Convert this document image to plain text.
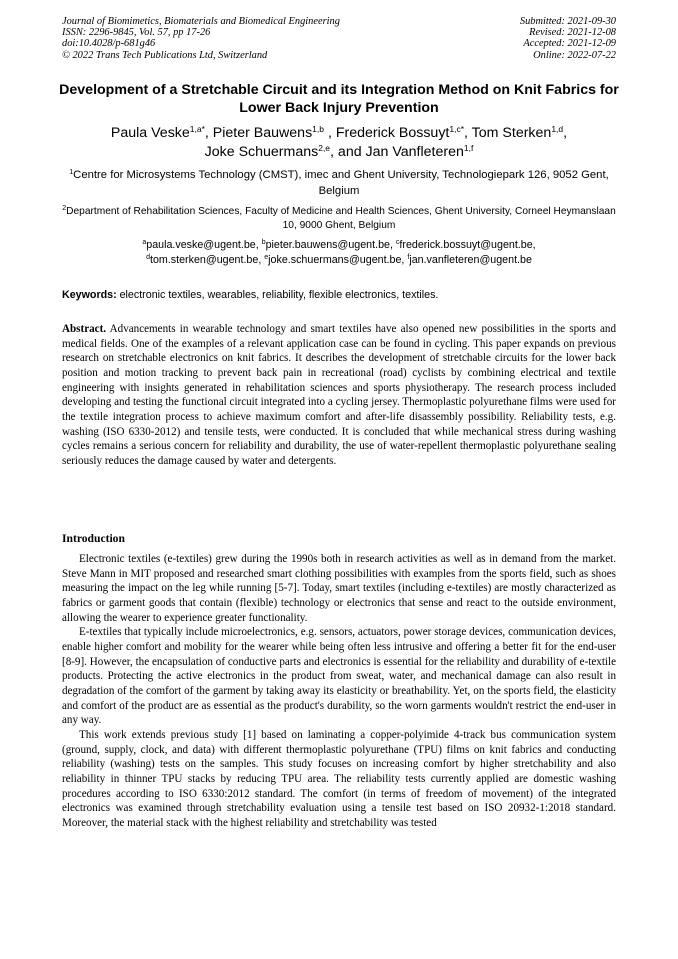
Journal of Biomimetics, Biomaterials and Biomedical Engineering
ISSN: 2296-9845, Vol. 57, pp 17-26
doi:10.4028/p-681g46
© 2022 Trans Tech Publications Ltd, Switzerland
Submitted: 2021-09-30
Revised: 2021-12-08
Accepted: 2021-12-09
Online: 2022-07-22
Development of a Stretchable Circuit and its Integration Method on Knit Fabrics for Lower Back Injury Prevention
Paula Veske$^{1,a*}$, Pieter Bauwens$^{1,b}$ , Frederick Bossuyt$^{1,c*}$, Tom Sterken$^{1,d}$,
Joke Schuermans$^{2,e}$, and Jan Vanfleteren$^{1,f}$
$^1$Centre for Microsystems Technology (CMST), imec and Ghent University, Technologiepark 126, 9052 Gent, Belgium
$^2$Department of Rehabilitation Sciences, Faculty of Medicine and Health Sciences, Ghent University, Corneel Heymanslaan 10, 9000 Ghent, Belgium
$^a$paula.veske@ugent.be, $^b$pieter.bauwens@ugent.be, $^c$frederick.bossuyt@ugent.be,
$^d$tom.sterken@ugent.be, $^e$joke.schuermans@ugent.be, $^f$jan.vanfleteren@ugent.be
Keywords: electronic textiles, wearables, reliability, flexible electronics, textiles.
Abstract. Advancements in wearable technology and smart textiles have also opened new possibilities in the sports and medical fields. One of the examples of a relevant application case can be found in cycling. This paper expands on previous research on stretchable electronics on knit fabrics. It describes the development of stretchable circuits for the lower back position and motion tracking to prevent back pain in recreational (road) cyclists by combining electrical and textile engineering with insights generated in rehabilitation sciences and sports physiotherapy. The research process included developing and testing the functional circuit integrated into a cycling jersey. Thermoplastic polyurethane films were used for the textile integration process to achieve maximum comfort and after-life disassembly possibility. Reliability tests, e.g. washing (ISO 6330-2012) and tensile tests, were conducted. It is concluded that while mechanical stress during washing cycles remains a serious concern for reliability and durability, the use of water-repellent thermoplastic polyurethane sealing seriously reduces the damage caused by water and detergents.
Introduction

Electronic textiles (e-textiles) grew during the 1990s both in research activities as well as in demand from the market. Steve Mann in MIT proposed and researched smart clothing possibilities with examples from the sports field, such as shoes measuring the impact on the leg while running [5-7]. Today, smart textiles (including e-textiles) are mostly characterized as fabrics or garment goods that contain (flexible) technology or electronics that sense and react to the outside environment, allowing the wearer to experience greater functionality.

E-textiles that typically include microelectronics, e.g. sensors, actuators, power storage devices, communication devices, enable higher comfort and mobility for the wearer while being often less intrusive and offering a better fit for the end-user [8-9]. However, the encapsulation of conductive parts and electronics is essential for the reliability and durability of e-textile products. Protecting the active electronics in the product from sweat, water, and mechanical damage can also result in degradation of the comfort of the garment by taking away its elasticity or breathability. Yet, on the sports field, the elasticity and comfort of the product are as essential as the product's durability, so the worn garments wouldn't restrict the end-user in any way.

This work extends previous study [1] based on laminating a copper-polyimide 4-track bus communication system (ground, supply, clock, and data) with different thermoplastic polyurethane (TPU) films on knit fabrics and conducting reliability (washing) tests on the samples. This study focuses on increasing comfort by higher stretchability and also reliability in thinner TPU stacks by reducing TPU area. The reliability tests currently applied are domestic washing procedures according to ISO 6330:2012 standard. The comfort (in terms of freedom of movement) of the integrated electronics was examined through stretchability evaluation using a tensile test based on ISO 20932-1:2018 standard. Moreover, the material stack with the highest reliability and stretchability was tested
